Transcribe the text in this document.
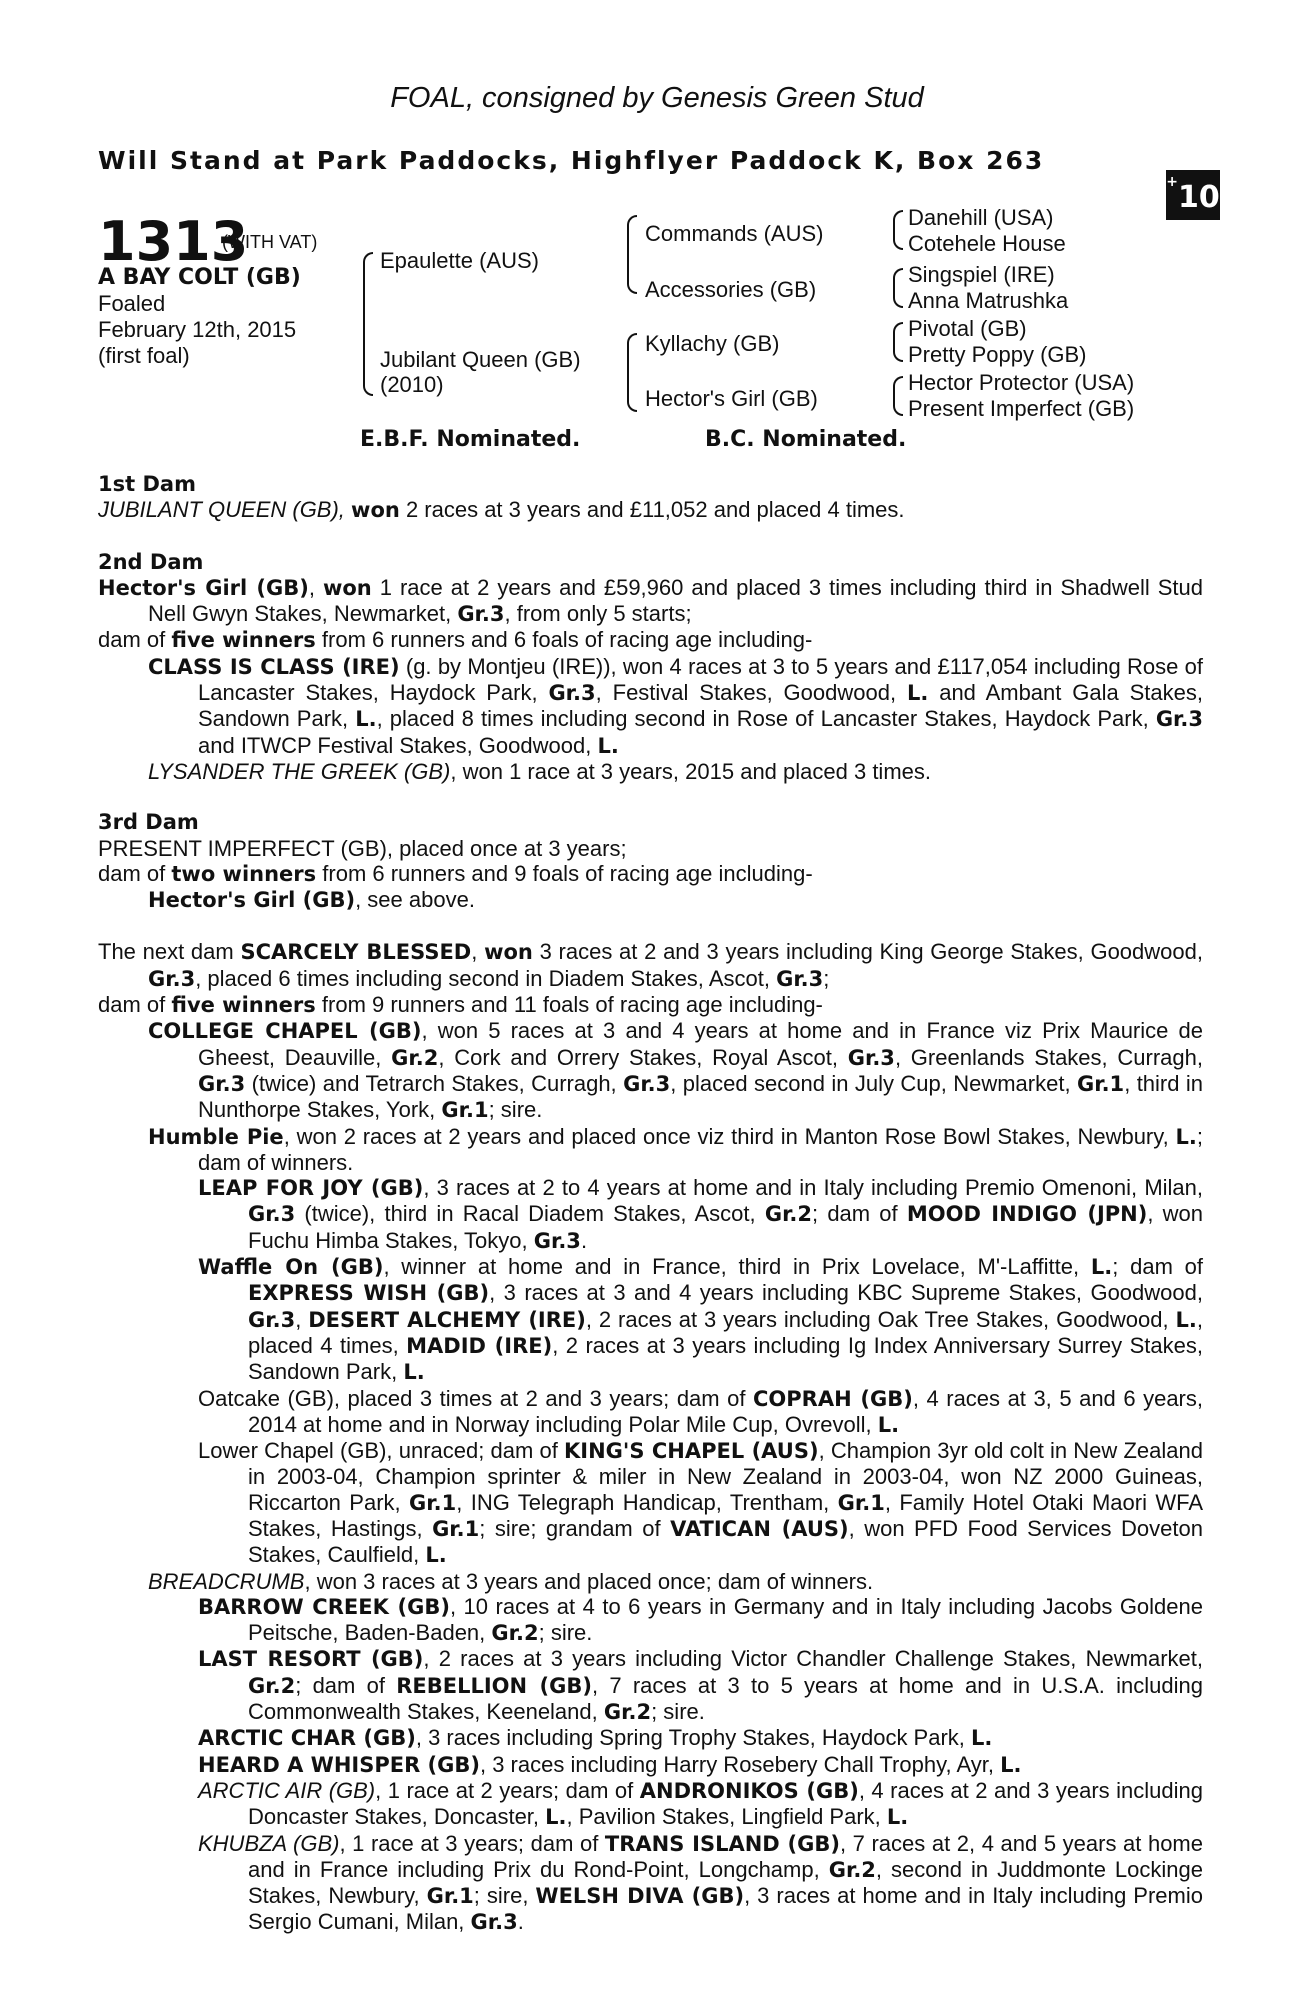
FOAL, consigned by Genesis Green Stud
Will Stand at Park Paddocks, Highflyer Paddock K, Box 263
+10
1313
(WITH VAT)
A BAY COLT (GB)
Foaled
February 12th, 2015
(first foal)
Epaulette (AUS)
Jubilant Queen (GB)
(2010)
Commands (AUS)
Accessories (GB)
Kyllachy (GB)
Hector's Girl (GB)
Danehill (USA)
Cotehele House
Singspiel (IRE)
Anna Matrushka
Pivotal (GB)
Pretty Poppy (GB)
Hector Protector (USA)
Present Imperfect (GB)
E.B.F. Nominated.	B.C. Nominated.

1st Dam

JUBILANT QUEEN (GB), won 2 races at 3 years and £11,052 and placed 4 times.

2nd Dam

Hector's Girl (GB), won 1 race at 2 years and £59,960 and placed 3 times including third in Shadwell Stud Nell Gwyn Stakes, Newmarket, Gr.3, from only 5 starts;

dam of five winners from 6 runners and 6 foals of racing age including-

CLASS IS CLASS (IRE) (g. by Montjeu (IRE)), won 4 races at 3 to 5 years and £117,054 including Rose of Lancaster Stakes, Haydock Park, Gr.3, Festival Stakes, Goodwood, L. and Ambant Gala Stakes, Sandown Park, L., placed 8 times including second in Rose of Lancaster Stakes, Haydock Park, Gr.3 and ITWCP Festival Stakes, Goodwood, L.

LYSANDER THE GREEK (GB), won 1 race at 3 years, 2015 and placed 3 times.

3rd Dam

PRESENT IMPERFECT (GB), placed once at 3 years;

dam of two winners from 6 runners and 9 foals of racing age including-

Hector's Girl (GB), see above.

The next dam SCARCELY BLESSED, won 3 races at 2 and 3 years including King George Stakes, Goodwood, Gr.3, placed 6 times including second in Diadem Stakes, Ascot, Gr.3;

dam of five winners from 9 runners and 11 foals of racing age including-

COLLEGE CHAPEL (GB), won 5 races at 3 and 4 years at home and in France viz Prix Maurice de Gheest, Deauville, Gr.2, Cork and Orrery Stakes, Royal Ascot, Gr.3, Greenlands Stakes, Curragh, Gr.3 (twice) and Tetrarch Stakes, Curragh, Gr.3, placed second in July Cup, Newmarket, Gr.1, third in Nunthorpe Stakes, York, Gr.1; sire.

Humble Pie, won 2 races at 2 years and placed once viz third in Manton Rose Bowl Stakes, Newbury, L.; dam of winners.

LEAP FOR JOY (GB), 3 races at 2 to 4 years at home and in Italy including Premio Omenoni, Milan, Gr.3 (twice), third in Racal Diadem Stakes, Ascot, Gr.2; dam of MOOD INDIGO (JPN), won Fuchu Himba Stakes, Tokyo, Gr.3.

Waffle On (GB), winner at home and in France, third in Prix Lovelace, M'-Laffitte, L.; dam of EXPRESS WISH (GB), 3 races at 3 and 4 years including KBC Supreme Stakes, Goodwood, Gr.3, DESERT ALCHEMY (IRE), 2 races at 3 years including Oak Tree Stakes, Goodwood, L., placed 4 times, MADID (IRE), 2 races at 3 years including Ig Index Anniversary Surrey Stakes, Sandown Park, L.

Oatcake (GB), placed 3 times at 2 and 3 years; dam of COPRAH (GB), 4 races at 3, 5 and 6 years, 2014 at home and in Norway including Polar Mile Cup, Ovrevoll, L.

Lower Chapel (GB), unraced; dam of KING'S CHAPEL (AUS), Champion 3yr old colt in New Zealand in 2003-04, Champion sprinter & miler in New Zealand in 2003-04, won NZ 2000 Guineas, Riccarton Park, Gr.1, ING Telegraph Handicap, Trentham, Gr.1, Family Hotel Otaki Maori WFA Stakes, Hastings, Gr.1; sire; grandam of VATICAN (AUS), won PFD Food Services Doveton Stakes, Caulfield, L.

BREADCRUMB, won 3 races at 3 years and placed once; dam of winners.

BARROW CREEK (GB), 10 races at 4 to 6 years in Germany and in Italy including Jacobs Goldene Peitsche, Baden-Baden, Gr.2; sire.

LAST RESORT (GB), 2 races at 3 years including Victor Chandler Challenge Stakes, Newmarket, Gr.2; dam of REBELLION (GB), 7 races at 3 to 5 years at home and in U.S.A. including Commonwealth Stakes, Keeneland, Gr.2; sire.

ARCTIC CHAR (GB), 3 races including Spring Trophy Stakes, Haydock Park, L.

HEARD A WHISPER (GB), 3 races including Harry Rosebery Chall Trophy, Ayr, L.

ARCTIC AIR (GB), 1 race at 2 years; dam of ANDRONIKOS (GB), 4 races at 2 and 3 years including Doncaster Stakes, Doncaster, L., Pavilion Stakes, Lingfield Park, L.

KHUBZA (GB), 1 race at 3 years; dam of TRANS ISLAND (GB), 7 races at 2, 4 and 5 years at home and in France including Prix du Rond-Point, Longchamp, Gr.2, second in Juddmonte Lockinge Stakes, Newbury, Gr.1; sire, WELSH DIVA (GB), 3 races at home and in Italy including Premio Sergio Cumani, Milan, Gr.3.
